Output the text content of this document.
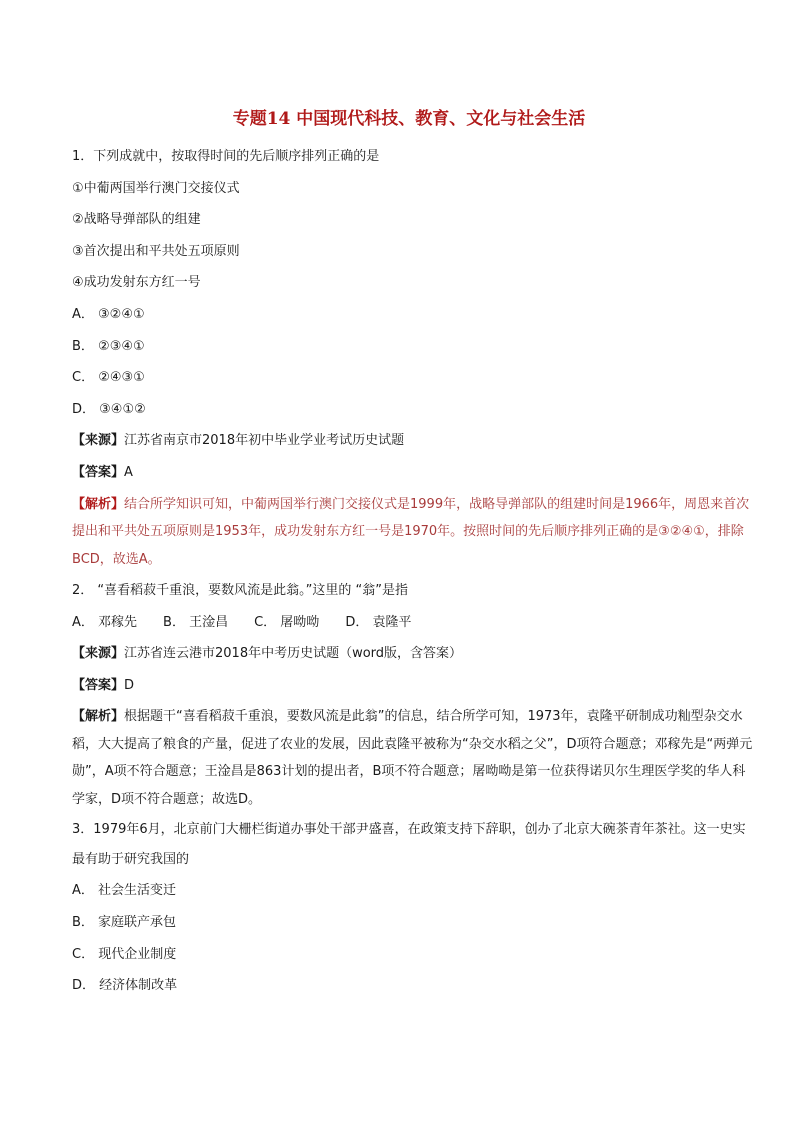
专题14 中国现代科技、教育、文化与社会生活
1．下列成就中，按取得时间的先后顺序排列正确的是
①中葡两国举行澳门交接仪式
②战略导弹部队的组建
③首次提出和平共处五项原则
④成功发射东方红一号
A． ③②④①
B． ②③④①
C． ②④③①
D． ③④①②
【来源】江苏省南京市2018年初中毕业学业考试历史试题
【答案】A

【解析】结合所学知识可知，中葡两国举行澳门交接仪式是1999年，战略导弹部队的组建时间是1966年，周恩来首次提出和平共处五项原则是1953年，成功发射东方红一号是1970年。按照时间的先后顺序排列正确的是③②④①，排除BCD，故选A。

2． “喜看稻菽千重浪，要数风流是此翁。”这里的 “翁”是指
A． 邓稼先 B． 王淦昌 C． 屠呦呦 D． 袁隆平
【来源】江苏省连云港市2018年中考历史试题（word版，含答案）
【答案】D

【解析】根据题干“喜看稻菽千重浪，要数风流是此翁”的信息，结合所学可知，1973年，袁隆平研制成功籼型杂交水稻，大大提高了粮食的产量，促进了农业的发展，因此袁隆平被称为“杂交水稻之父”，D项符合题意；邓稼先是“两弹元勋”，A项不符合题意；王淦昌是863计划的提出者，B项不符合题意；屠呦呦是第一位获得诺贝尔生理医学奖的华人科学家，D项不符合题意；故选D。

3．1979年6月，北京前门大栅栏街道办事处干部尹盛喜，在政策支持下辞职，创办了北京大碗茶青年茶社。这一史实最有助于研究我国的

A． 社会生活变迁
B． 家庭联产承包
C． 现代企业制度
D． 经济体制改革
